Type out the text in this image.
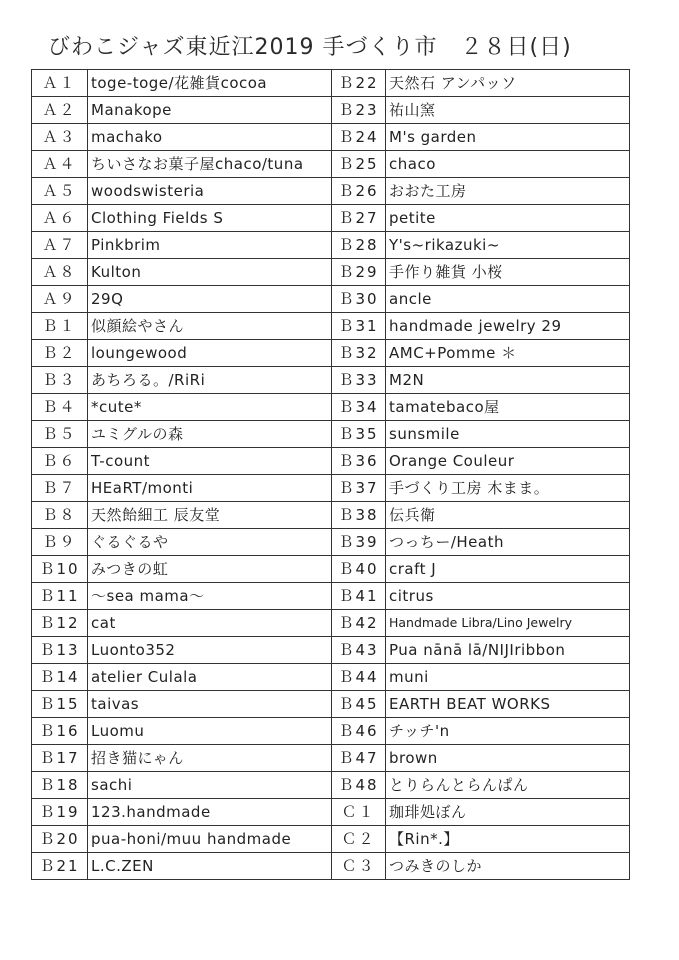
びわこジャズ東近江2019 手づくり市　２８日(日)
Ａ１	toge-toge/花雑貨cocoa
Ａ２	Manakope
Ａ３	machako
Ａ４	ちいさなお菓子屋chaco/tuna
Ａ５	woodswisteria
Ａ６	Clothing Fields S
Ａ７	Pinkbrim
Ａ８	Kulton
Ａ９	29Q
Ｂ１	似顔絵やさん
Ｂ２	loungewood
Ｂ３	あちろる。/RiRi
Ｂ４	*cute*
Ｂ５	ユミグルの森
Ｂ６	T-count
Ｂ７	HEaRT/monti
Ｂ８	天然飴細工 辰友堂
Ｂ９	ぐるぐるや
Ｂ10	みつきの虹
Ｂ11	〜sea mama〜
Ｂ12	cat
Ｂ13	Luonto352
Ｂ14	atelier Culala
Ｂ15	taivas
Ｂ16	Luomu
Ｂ17	招き猫にゃん
Ｂ18	sachi
Ｂ19	123.handmade
Ｂ20	pua-honi/muu handmade
Ｂ21	L.C.ZEN
Ｂ22	天然石 アンパッソ
Ｂ23	祐山窯
Ｂ24	M's garden
Ｂ25	chaco
Ｂ26	おおた工房
Ｂ27	petite
Ｂ28	Y's~rikazuki~
Ｂ29	手作り雑貨 小桜
Ｂ30	ancle
Ｂ31	handmade jewelry 29
Ｂ32	AMC+Pomme ＊
Ｂ33	M2N
Ｂ34	tamatebaco屋
Ｂ35	sunsmile
Ｂ36	Orange Couleur
Ｂ37	手づくり工房 木まま。
Ｂ38	伝兵衛
Ｂ39	つっちー/Heath
Ｂ40	craft J
Ｂ41	citrus
Ｂ42	Handmade Libra/Lino Jewelry
Ｂ43	Pua nānā lā/NIJIribbon
Ｂ44	muni
Ｂ45	EARTH BEAT WORKS
Ｂ46	チッチ'n
Ｂ47	brown
Ｂ48	とりらんとらんぱん
Ｃ１	珈琲処ぼん
Ｃ２	【Rin*.】
Ｃ３	つみきのしか
